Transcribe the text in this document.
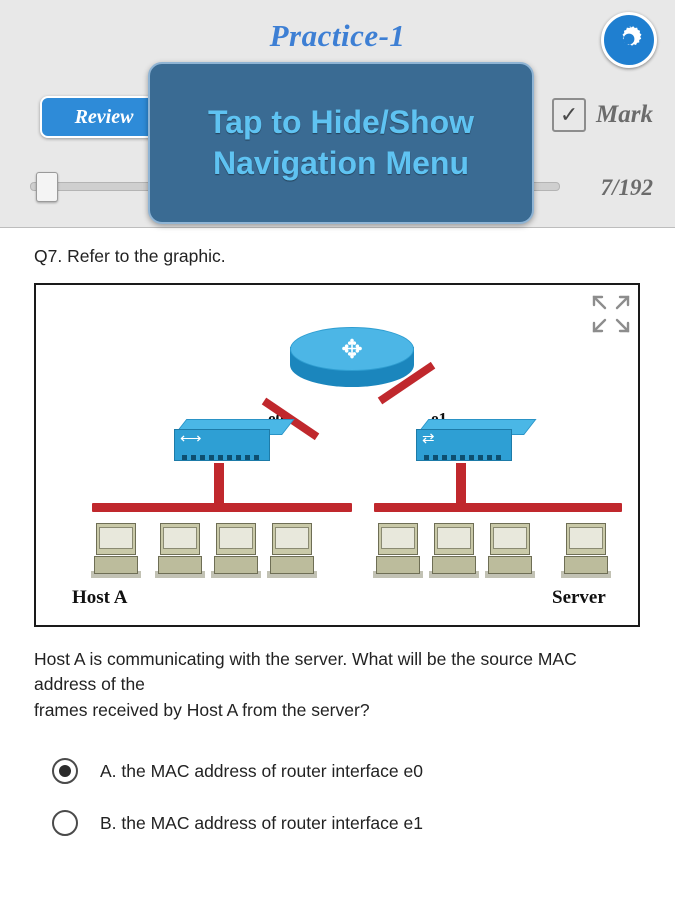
Practice-1
Review	✓ Mark
7/192
Tap to Hide/Show
Navigation Menu
Q7. Refer to the graphic.
✥
⟷	⇄
Host A	Server
Host A is communicating with the server. What will be the source MAC address of the
frames received by Host A from the server?
A. the MAC address of router interface e0
B. the MAC address of router interface e1
